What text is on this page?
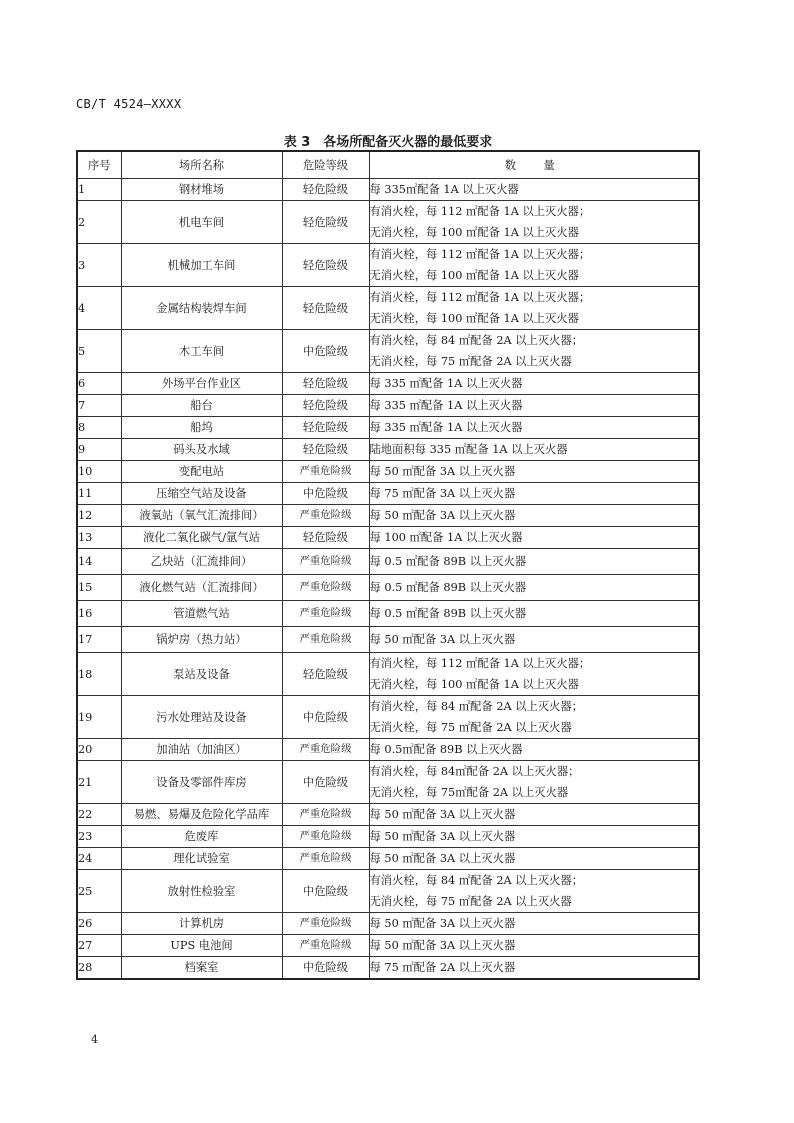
CB/T 4524—XXXX
表 3　各场所配备灭火器的最低要求
序号	场所名称	危险等级	数　量
1	钢材堆场	轻危险级	每 335㎡配备 1A 以上灭火器

2	机电车间	轻危险级	有消火栓，每 112 ㎡配备 1A 以上灭火器；
无消火栓，每 100 ㎡配备 1A 以上灭火器

3	机械加工车间	轻危险级	有消火栓，每 112 ㎡配备 1A 以上灭火器；
无消火栓，每 100 ㎡配备 1A 以上灭火器

4	金属结构装焊车间	轻危险级	有消火栓，每 112 ㎡配备 1A 以上灭火器；
无消火栓，每 100 ㎡配备 1A 以上灭火器

5	木工车间	中危险级	有消火栓，每 84 ㎡配备 2A 以上灭火器；
无消火栓，每 75 ㎡配备 2A 以上灭火器

6	外场平台作业区	轻危险级	每 335 ㎡配备 1A 以上灭火器

7	船台	轻危险级	每 335 ㎡配备 1A 以上灭火器

8	船坞	轻危险级	每 335 ㎡配备 1A 以上灭火器

9	码头及水域	轻危险级	陆地面积每 335 ㎡配备 1A 以上灭火器

10	变配电站	严重危险级	每 50 ㎡配备 3A 以上灭火器

11	压缩空气站及设备	中危险级	每 75 ㎡配备 3A 以上灭火器

12	液氧站（氧气汇流排间）	严重危险级	每 50 ㎡配备 3A 以上灭火器

13	液化二氧化碳气/氩气站	轻危险级	每 100 ㎡配备 1A 以上灭火器

14	乙炔站（汇流排间）	严重危险级	每 0.5 ㎡配备 89B 以上灭火器

15	液化燃气站（汇流排间）	严重危险级	每 0.5 ㎡配备 89B 以上灭火器

16	管道燃气站	严重危险级	每 0.5 ㎡配备 89B 以上灭火器

17	锅炉房（热力站）	严重危险级	每 50 ㎡配备 3A 以上灭火器

18	泵站及设备	轻危险级	有消火栓，每 112 ㎡配备 1A 以上灭火器；
无消火栓，每 100 ㎡配备 1A 以上灭火器

19	污水处理站及设备	中危险级	有消火栓，每 84 ㎡配备 2A 以上灭火器；
无消火栓，每 75 ㎡配备 2A 以上灭火器

20	加油站（加油区）	严重危险级	每 0.5㎡配备 89B 以上灭火器

21	设备及零部件库房	中危险级	有消火栓，每 84㎡配备 2A 以上灭火器；
无消火栓，每 75㎡配备 2A 以上灭火器

22	易燃、易爆及危险化学品库	严重危险级	每 50 ㎡配备 3A 以上灭火器

23	危废库	严重危险级	每 50 ㎡配备 3A 以上灭火器

24	理化试验室	严重危险级	每 50 ㎡配备 3A 以上灭火器

25	放射性检验室	中危险级	有消火栓，每 84 ㎡配备 2A 以上灭火器；
无消火栓，每 75 ㎡配备 2A 以上灭火器

26	计算机房	严重危险级	每 50 ㎡配备 3A 以上灭火器

27	UPS 电池间	严重危险级	每 50 ㎡配备 3A 以上灭火器

28	档案室	中危险级	每 75 ㎡配备 2A 以上灭火器
4
